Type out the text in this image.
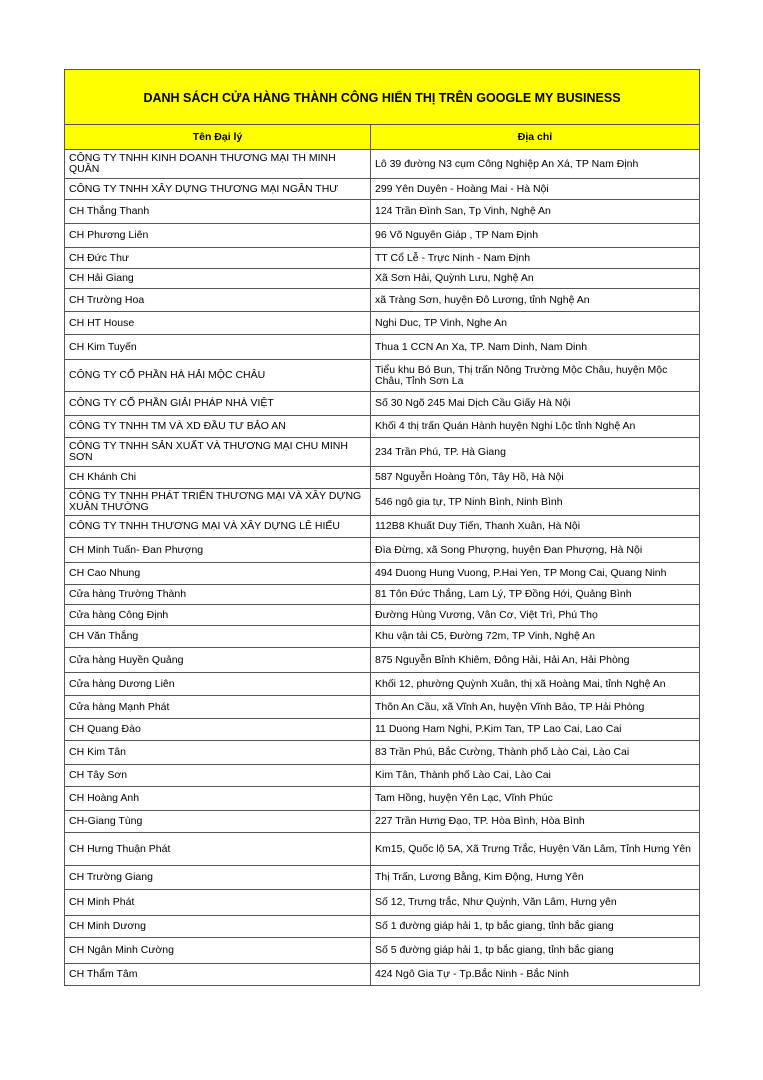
DANH SÁCH CỬA HÀNG THÀNH CÔNG HIỂN THỊ TRÊN GOOGLE MY BUSINESS	
Tên Đại lý	Địa chỉ
CÔNG TY TNHH KINH DOANH THƯƠNG MẠI TH MINH QUÂN	Lô 39 đường N3 cụm Công Nghiệp An Xá, TP Nam Định
CÔNG TY TNHH XÂY DỰNG THƯƠNG MẠI NGÂN THƯ	299 Yên Duyên - Hoàng Mai - Hà Nội
CH Thắng Thanh	124 Trần Đình San, Tp Vinh, Nghệ An
CH Phương Liên	96 Võ Nguyên Giáp , TP Nam Định
CH Đức Thư	TT Cổ Lễ - Trực Ninh - Nam Định
CH Hải Giang	Xã Sơn Hải, Quỳnh Lưu, Nghệ An
CH Trường Hoa	xã Tràng Sơn, huyện Đô Lương, tỉnh Nghệ An
CH HT House	Nghi Duc, TP Vinh, Nghe An
CH Kim Tuyến	Thua 1 CCN An Xa, TP. Nam Dinh, Nam Dinh
CÔNG TY CỔ PHẦN HÀ HẢI MỘC CHÂU	Tiểu khu Bó Bun, Thị trấn Nông Trường Mộc Châu, huyện Mộc Châu, Tỉnh Sơn La
CÔNG TY CỔ PHẦN GIẢI PHÁP NHÀ VIỆT	Số 30 Ngõ 245 Mai Dịch Cầu Giấy Hà Nội
CÔNG TY TNHH TM VÀ XD ĐẦU TƯ BẢO AN	Khối 4 thị trấn Quán Hành huyện Nghi Lộc tỉnh Nghệ An
CÔNG TY TNHH SẢN XUẤT VÀ THƯƠNG MẠI CHU MINH SƠN	234 Trần Phú, TP. Hà Giang
CH Khánh Chi	587 Nguyễn Hoàng Tôn, Tây Hồ, Hà Nội
CÔNG TY TNHH PHÁT TRIỂN THƯƠNG MẠI VÀ XÂY DỰNG XUÂN THƯỜNG	546 ngô gia tự, TP Ninh Bình, Ninh Bình
CÔNG TY TNHH THƯƠNG MẠI VÀ XÂY DỰNG LÊ HIẾU	112B8 Khuất Duy Tiến, Thanh Xuân, Hà Nội
CH Minh Tuấn- Đan Phượng	Đìa Đừng, xã Song Phượng, huyện Đan Phượng, Hà Nội
CH Cao Nhung	494 Duong Hung Vuong, P.Hai Yen, TP Mong Cai, Quang Ninh
Cửa hàng Trường Thành	81 Tôn Đức Thắng, Lam Lý, TP Đồng Hới, Quảng Bình
Cửa hàng Công Định	Đường Hùng Vương, Vân Cơ, Việt Trì, Phú Thọ
CH Văn Thắng	Khu vận tải C5, Đường 72m, TP Vinh, Nghệ An
Cửa hàng Huyền Quảng	875 Nguyễn Bỉnh Khiêm, Đông Hải, Hải An, Hải Phòng
Cửa hàng Dương Liên	Khối 12, phường Quỳnh Xuân, thị xã Hoàng Mai, tỉnh Nghệ An
Cửa hàng Mạnh Phát	Thôn An Cầu, xã Vĩnh An, huyện Vĩnh Bảo, TP Hải Phòng
CH Quang Đào	11 Duong Ham Nghi, P.Kim Tan, TP Lao Cai, Lao Cai
CH Kim Tân	83 Trần Phú, Bắc Cường, Thành phố Lào Cai, Lào Cai
CH Tây Sơn	Kim Tân, Thành phố Lào Cai, Lào Cai
CH Hoàng Anh	Tam Hồng, huyện Yên Lạc, Vĩnh Phúc
CH-Giang Tùng	227 Trần Hưng Đạo, TP. Hòa Bình, Hòa Bình
CH Hưng Thuận Phát	Km15, Quốc lộ 5A, Xã Trưng Trắc, Huyện Văn Lâm, Tỉnh Hưng Yên
CH Trường Giang	Thị Trấn, Lương Bằng, Kim Động, Hưng Yên
CH Minh Phát	Số 12, Trưng trắc, Như Quỳnh, Văn Lâm, Hưng yên
CH Minh Dương	Số 1 đường giáp hải 1, tp bắc giang, tỉnh bắc giang
CH Ngân Minh Cường	Số 5 đường giáp hải 1, tp bắc giang, tỉnh bắc giang
CH Thẩm Tâm	424 Ngô Gia Tự - Tp.Bắc Ninh - Bắc Ninh
